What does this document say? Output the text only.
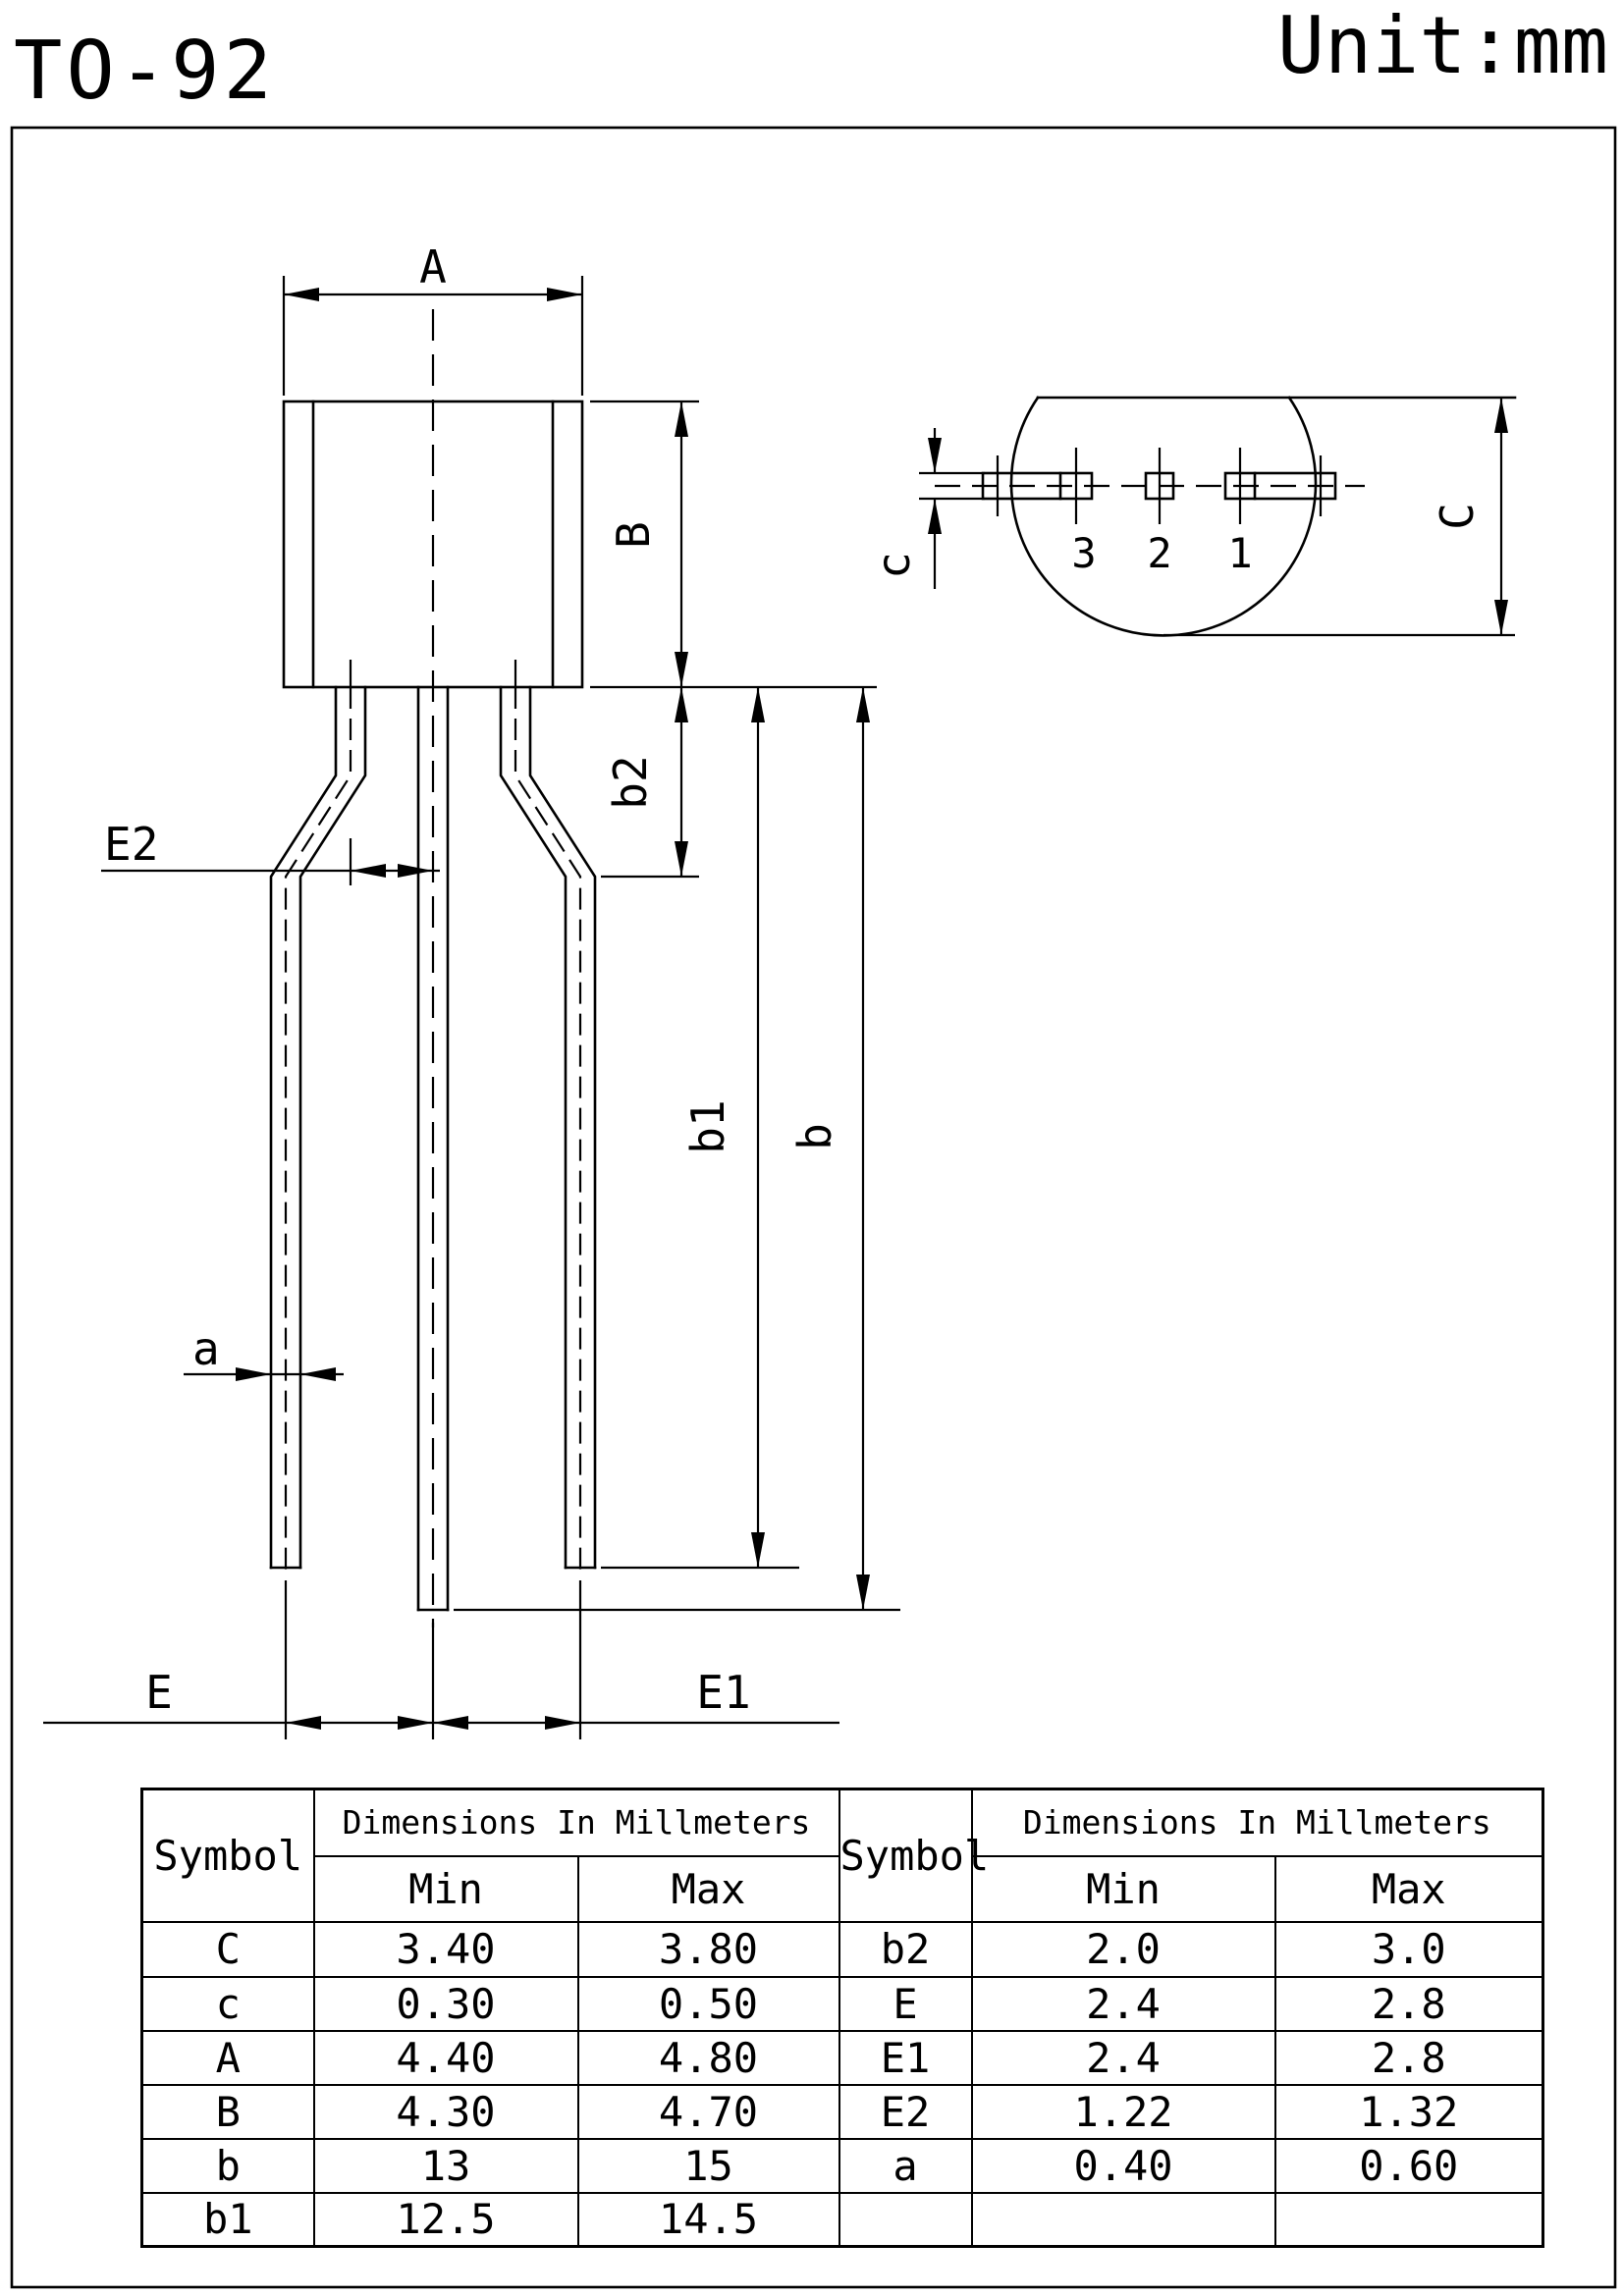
TO-92	Unit:mm
A
B
b2
b1 b
E2
a
E	E1
3 2 1
c
C
Symbol	Dimensions In Millmeters		Symbol	Dimensions In Millmeters	
	Min	Max		Min	Max
C	3.40	3.80	b2	2.0	3.0
c	0.30	0.50	E	2.4	2.8
A	4.40	4.80	E1	2.4	2.8
B	4.30	4.70	E2	1.22	1.32
b	13	15	a	0.40	0.60
b1	12.5	14.5			
